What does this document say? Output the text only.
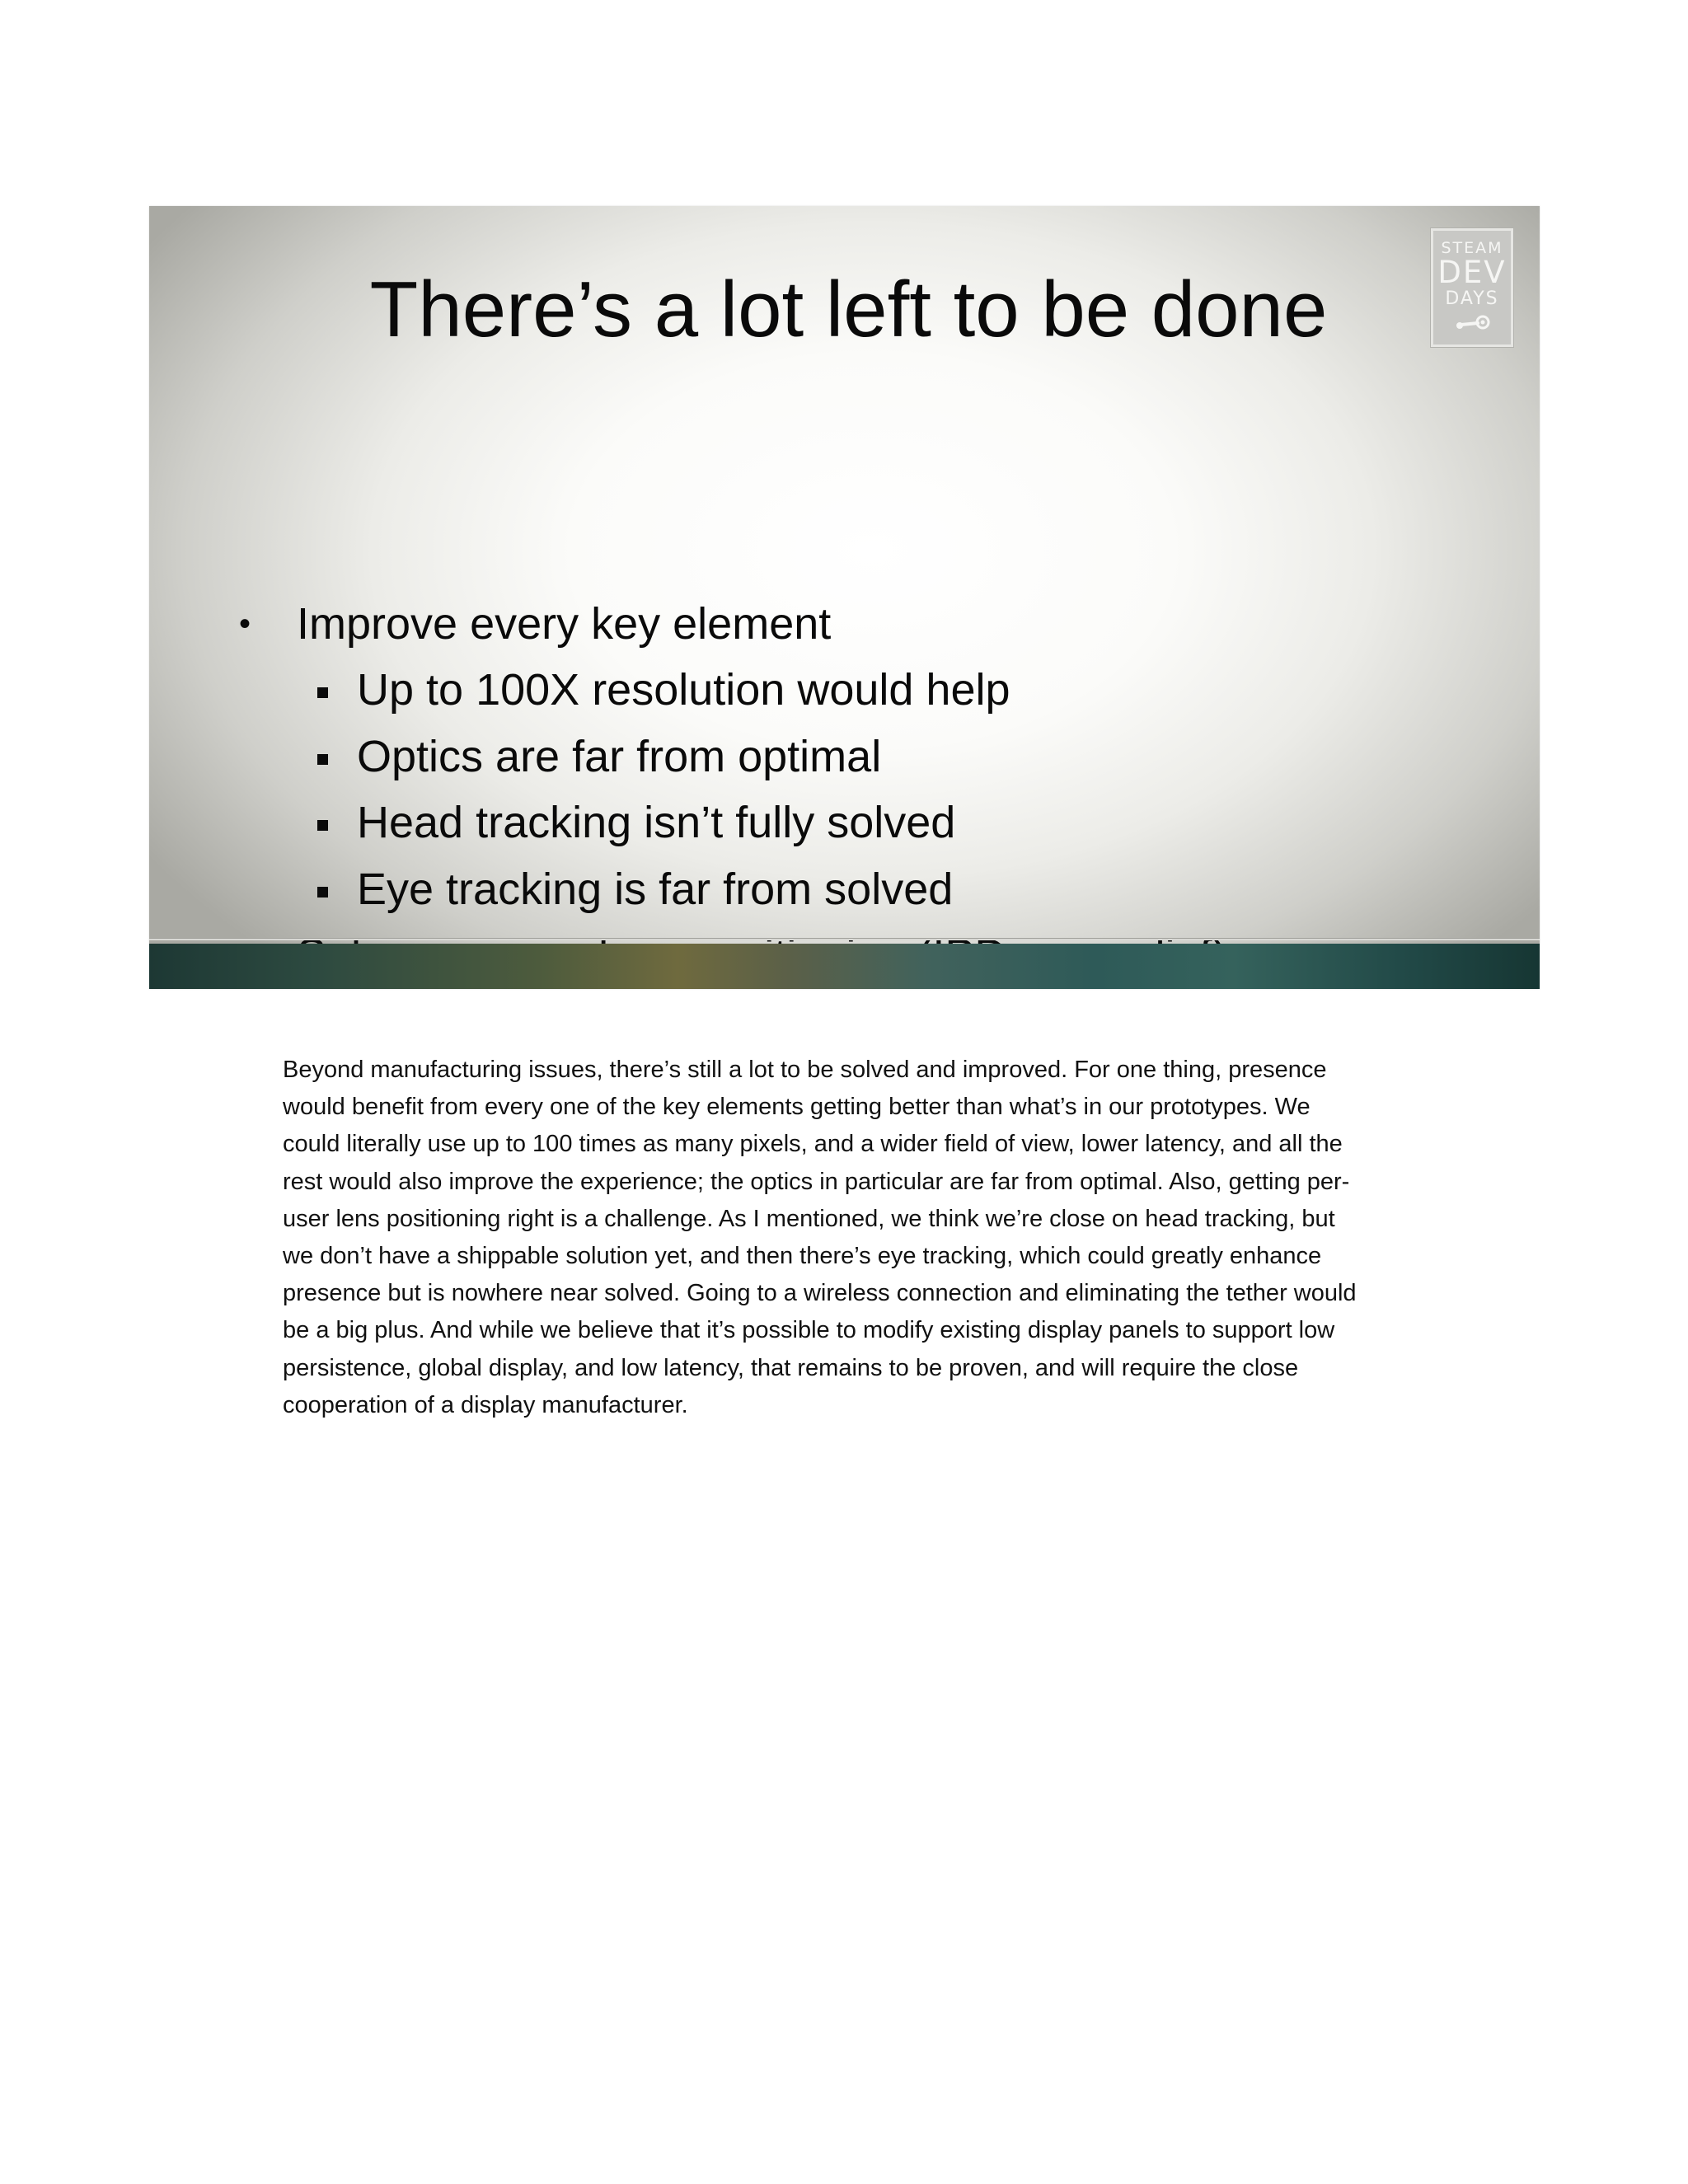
There’s a lot left to be done
STEAM
DEV
DAYS
• Improve every key element
Up to 100X resolution would help
Optics are far from optimal
Head tracking isn’t fully solved
Eye tracking is far from solved
Beyond manufacturing issues, there’s still a lot to be solved and improved. For one thing, presence
would benefit from every one of the key elements getting better than what’s in our prototypes. We
could literally use up to 100 times as many pixels, and a wider field of view, lower latency, and all the
rest would also improve the experience; the optics in particular are far from optimal. Also, getting per-
user lens positioning right is a challenge. As I mentioned, we think we’re close on head tracking, but
we don’t have a shippable solution yet, and then there’s eye tracking, which could greatly enhance
presence but is nowhere near solved. Going to a wireless connection and eliminating the tether would
be a big plus. And while we believe that it’s possible to modify existing display panels to support low
persistence, global display, and low latency, that remains to be proven, and will require the close
cooperation of a display manufacturer.
